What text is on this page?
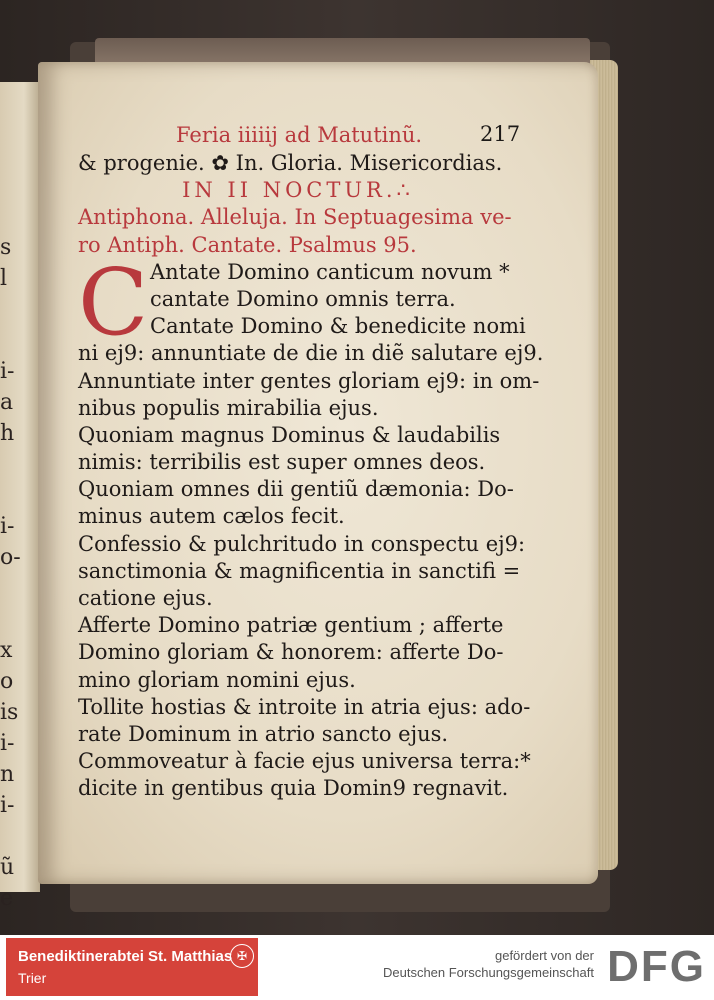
s
l
i-
a
h
i-
o-
x
o
is
i-
n
i-
ũ
e
Feria iiiiij ad Matutinũ.	217
C
& progenie. ✿ In. Gloria. Misericordias.
IN II NOCTUR.∴
Antiphona. Alleluja. In Septuagesima ve-
ro Antiph. Cantate. Psalmus 95.
Antate Domino canticum novum *
cantate Domino omnis terra.
Cantate Domino & benedicite nomi
ni ej9: annuntiate de die in diẽ salutare ej9.
Annuntiate inter gentes gloriam ej9: in om-
nibus populis mirabilia ejus.
Quoniam magnus Dominus & laudabilis
nimis: terribilis est super omnes deos.
Quoniam omnes dii gentiũ dæmonia: Do-
minus autem cælos fecit.
Confessio & pulchritudo in conspectu ej9:
sanctimonia & magnificentia in sanctifi =
catione ejus.
Afferte Domino patriæ gentium ; afferte
Domino gloriam & honorem: afferte Do-
mino gloriam nomini ejus.
Tollite hostias & introite in atria ejus: ado-
rate Dominum in atrio sancto ejus.
Commoveatur à facie ejus universa terra:*
dicite in gentibus quia Domin9 regnavit.
Benediktinerabtei St. Matthias
Trier
✠	gefördert von der
Deutschen Forschungsgemeinschaft DFG
